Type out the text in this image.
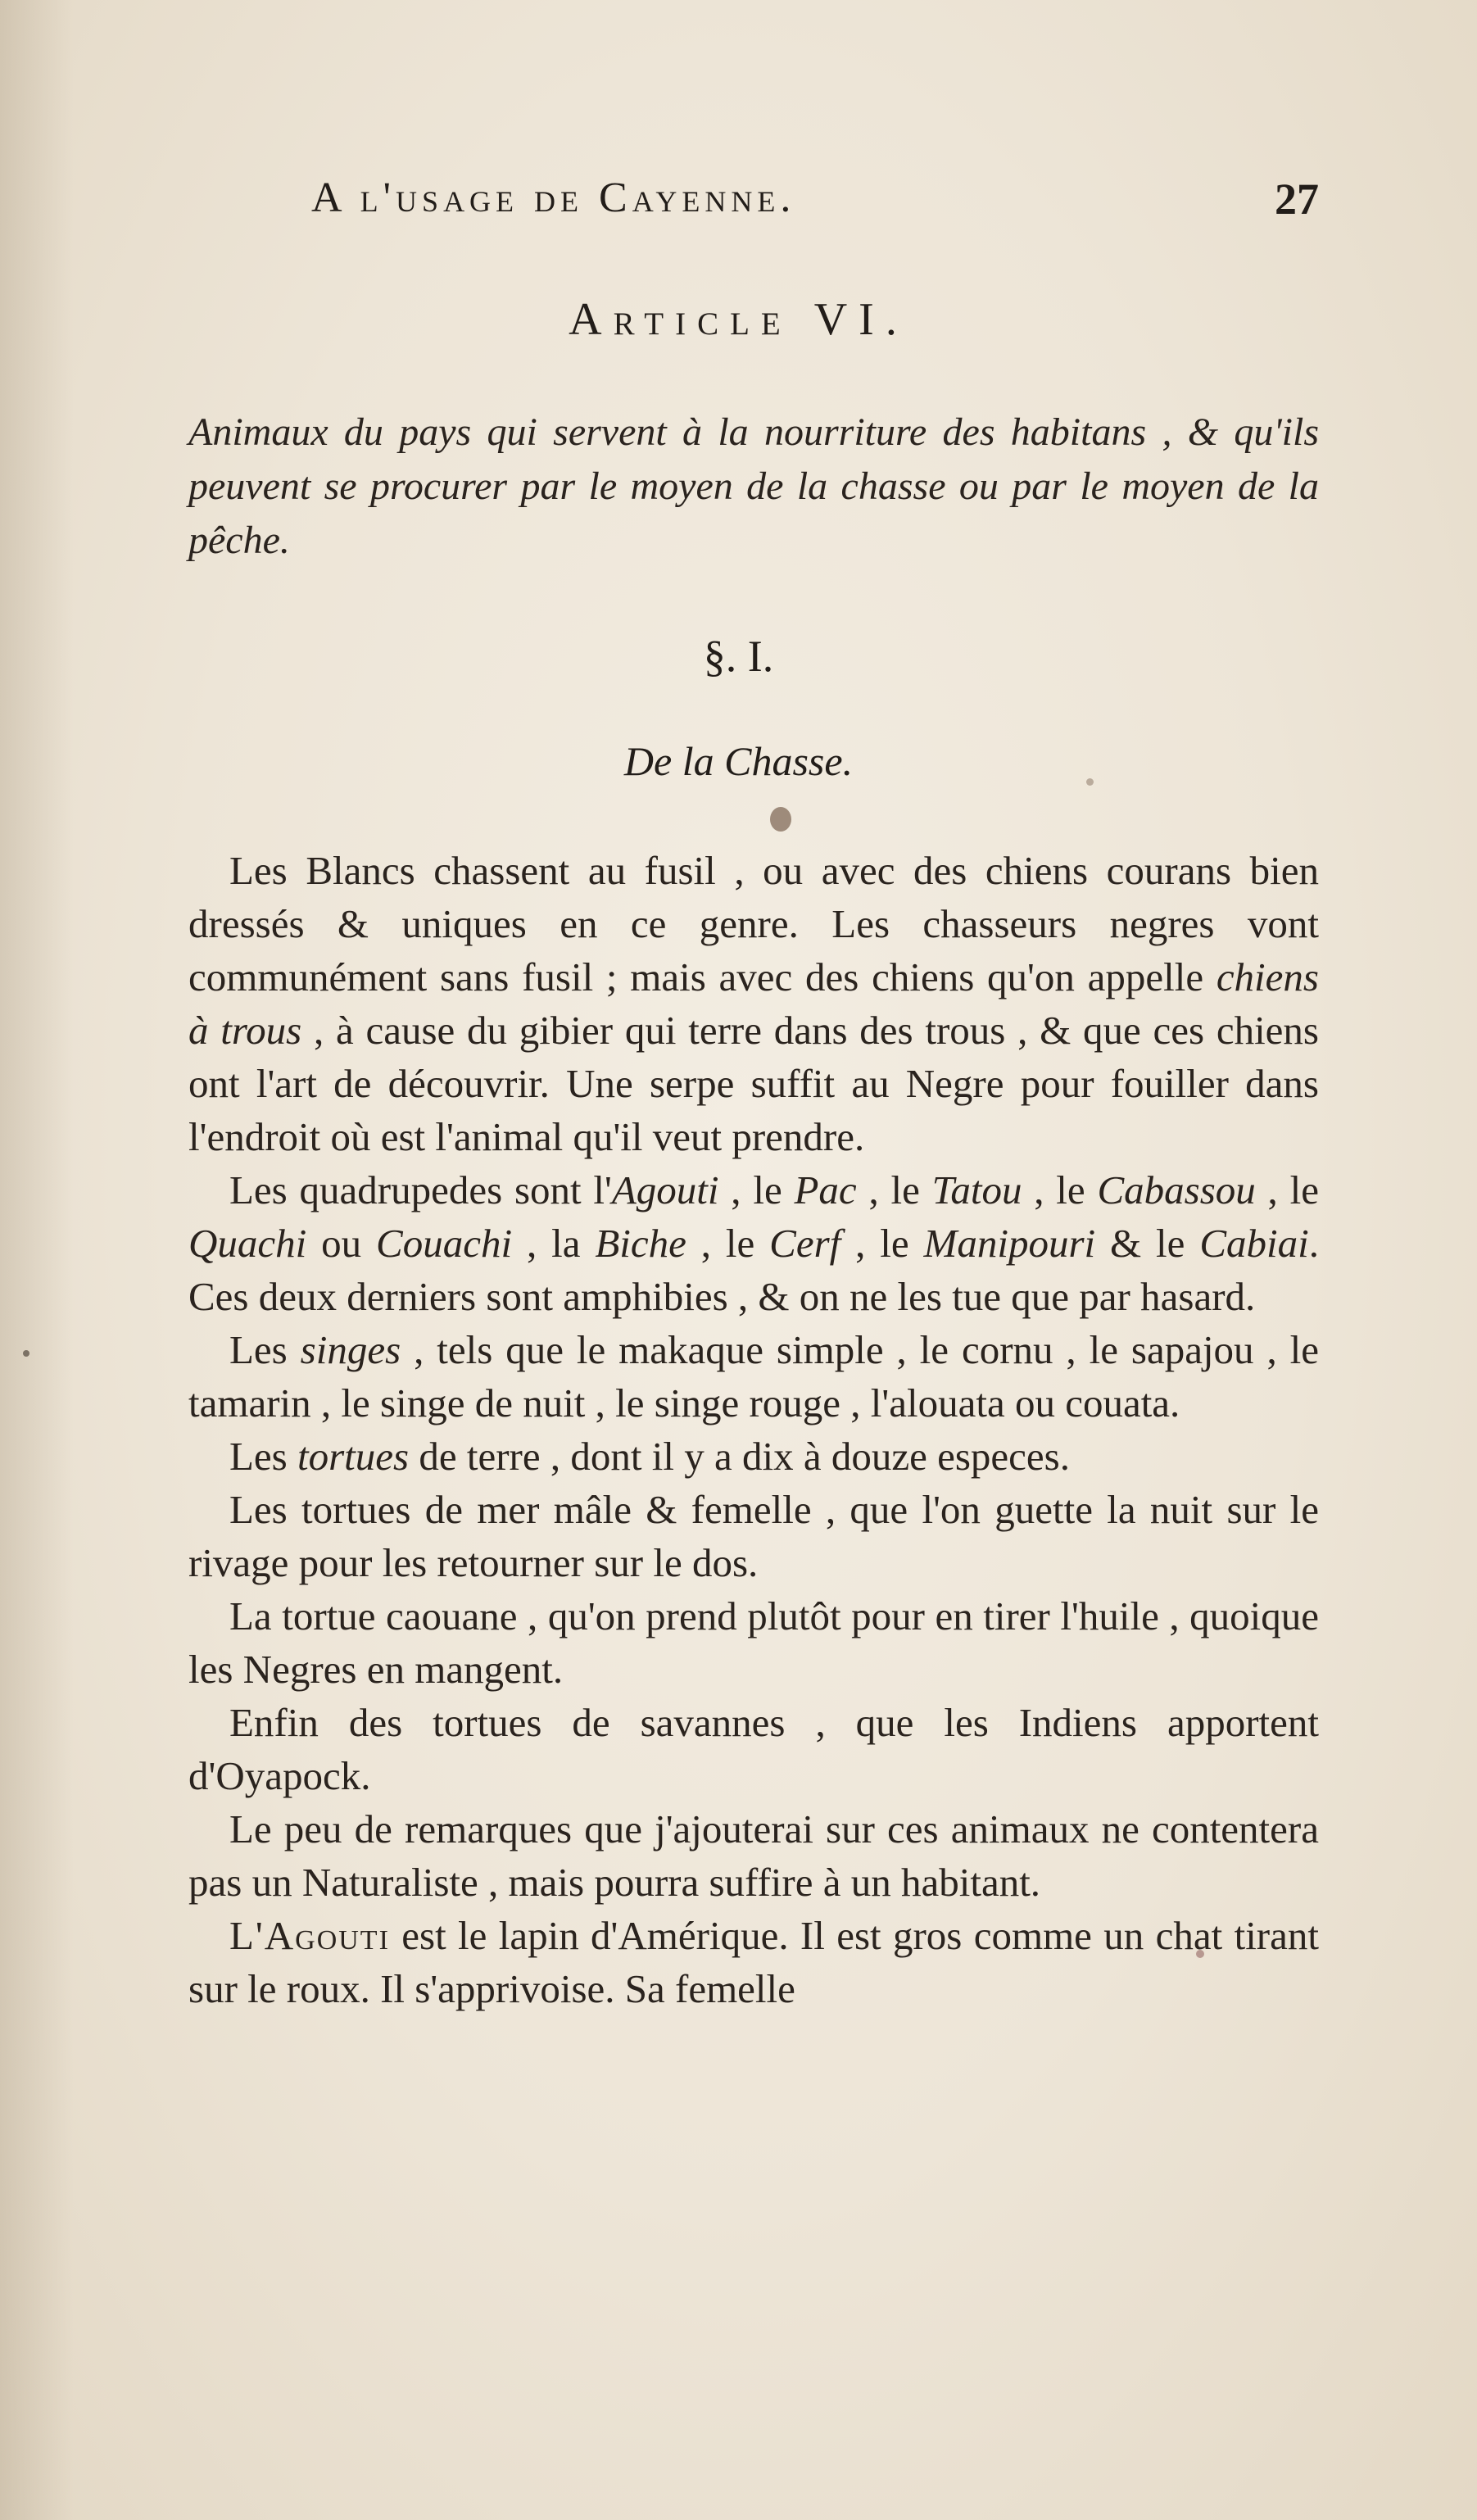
A l'usage de Cayenne.	27
Article VI.
Animaux du pays qui servent à la nourriture des habitans , & qu'ils peuvent se procurer par le moyen de la chasse ou par le moyen de la pêche.
§. I.
De la Chasse.

Les Blancs chassent au fusil , ou avec des chiens courans bien dressés & uniques en ce genre. Les chasseurs negres vont communément sans fusil ; mais avec des chiens qu'on appelle chiens à trous , à cause du gibier qui terre dans des trous , & que ces chiens ont l'art de découvrir. Une serpe suffit au Negre pour fouiller dans l'endroit où est l'animal qu'il veut prendre.

Les quadrupedes sont l'Agouti , le Pac , le Tatou , le Cabassou , le Quachi ou Couachi , la Biche , le Cerf , le Manipouri & le Cabiai. Ces deux derniers sont amphibies , & on ne les tue que par hasard.

Les singes , tels que le makaque simple , le cornu , le sapajou , le tamarin , le singe de nuit , le singe rouge , l'alouata ou couata.

Les tortues de terre , dont il y a dix à douze especes.

Les tortues de mer mâle & femelle , que l'on guette la nuit sur le rivage pour les retourner sur le dos.

La tortue caouane , qu'on prend plutôt pour en tirer l'huile , quoique les Negres en mangent.

Enfin des tortues de savannes , que les Indiens apportent d'Oyapock.

Le peu de remarques que j'ajouterai sur ces animaux ne contentera pas un Naturaliste , mais pourra suffire à un habitant.

L'Agouti est le lapin d'Amérique. Il est gros comme un chat tirant sur le roux. Il s'apprivoise. Sa femelle
